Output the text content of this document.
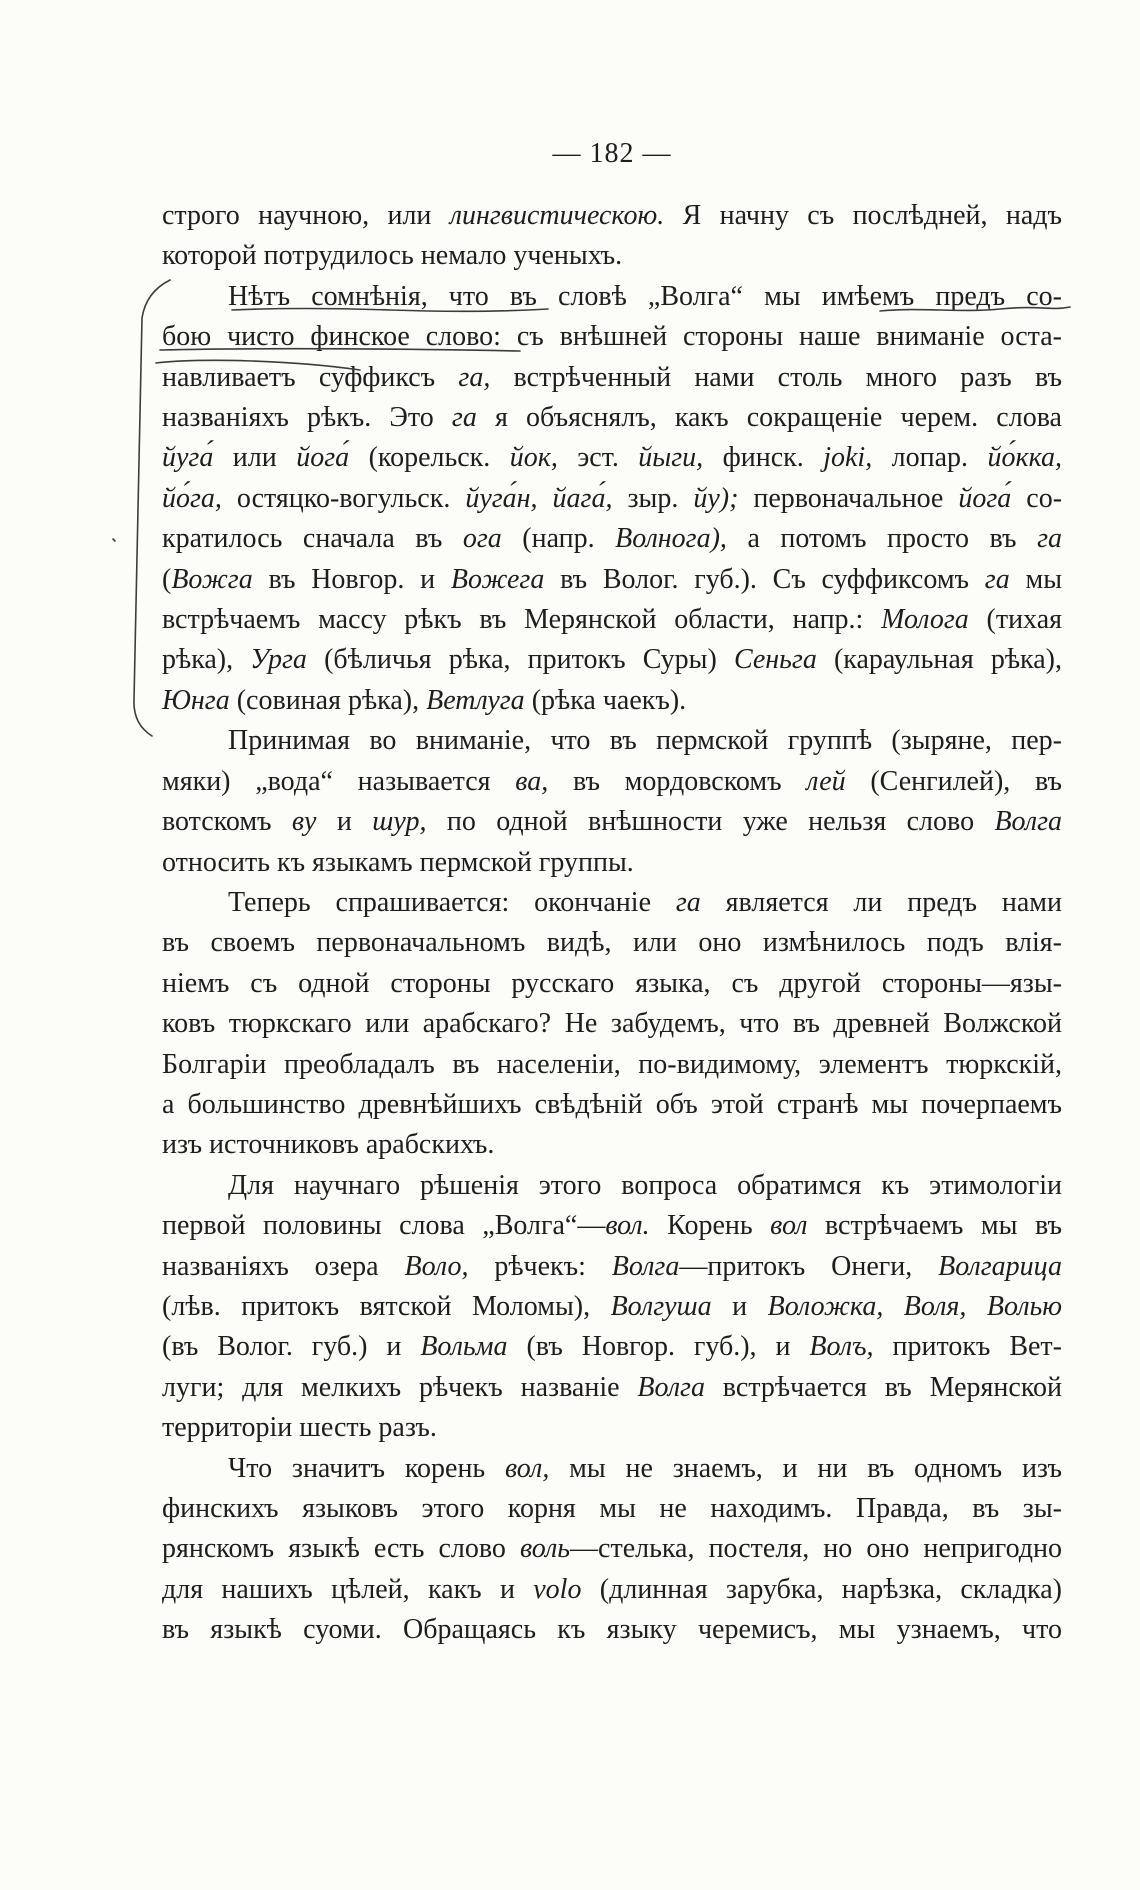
— 182 —
строго научною, или лингвистическою. Я начну съ послѣдней, надъ
которой потрудилось немало ученыхъ.
Нѣтъ сомнѣнія, что въ словѣ „Волга“ мы имѣемъ предъ со-
бою чисто финское слово: съ внѣшней стороны наше вниманіе оста-
навливаетъ суффиксъ га, встрѣченный нами столь много разъ въ
названіяхъ рѣкъ. Это га я объяснялъ, какъ сокращеніе черем. слова
йуга́ или йога́ (корельск. йок, эст. йыги, финск. joki, лопар. йо́кка,
йо́га, остяцко-вогульск. йуга́н, йага́, зыр. йу); первоначальное йога́ со-
кратилось сначала въ ога (напр. Волнога), а потомъ просто въ га
(Вожга въ Новгор. и Вожега въ Волог. губ.). Съ суффиксомъ га мы
встрѣчаемъ массу рѣкъ въ Мерянской области, напр.: Молога (тихая
рѣка), Урга (бѣличья рѣка, притокъ Суры) Сеньга (караульная рѣка),
Юнга (совиная рѣка), Ветлуга (рѣка чаекъ).
Принимая во вниманіе, что въ пермской группѣ (зыряне, пер-
мяки) „вода“ называется ва, въ мордовскомъ лей (Сенгилей), въ
вотскомъ ву и шур, по одной внѣшности уже нельзя слово Волга
относить къ языкамъ пермской группы.
Теперь спрашивается: окончаніе га является ли предъ нами
въ своемъ первоначальномъ видѣ, или оно измѣнилось подъ влія-
ніемъ съ одной стороны русскаго языка, съ другой стороны—язы-
ковъ тюркскаго или арабскаго? Не забудемъ, что въ древней Волжской
Болгаріи преобладалъ въ населеніи, по-видимому, элементъ тюркскій,
а большинство древнѣйшихъ свѣдѣній объ этой странѣ мы почерпаемъ
изъ источниковъ арабскихъ.
Для научнаго рѣшенія этого вопроса обратимся къ этимологіи
первой половины слова „Волга“—вол. Корень вол встрѣчаемъ мы въ
названіяхъ озера Воло, рѣчекъ: Волга—притокъ Онеги, Волгарица
(лѣв. притокъ вятской Моломы), Волгуша и Воложка, Воля, Волью
(въ Волог. губ.) и Вольма (въ Новгор. губ.), и Волъ, притокъ Вет-
луги; для мелкихъ рѣчекъ названіе Волга встрѣчается въ Мерянской
территоріи шесть разъ.
Что значитъ корень вол, мы не знаемъ, и ни въ одномъ изъ
финскихъ языковъ этого корня мы не находимъ. Правда, въ зы-
рянскомъ языкѣ есть слово воль—стелька, постеля, но оно непригодно
для нашихъ цѣлей, какъ и volo (длинная зарубка, нарѣзка, складка)
въ языкѣ суоми. Обращаясь къ языку черемисъ, мы узнаемъ, что
